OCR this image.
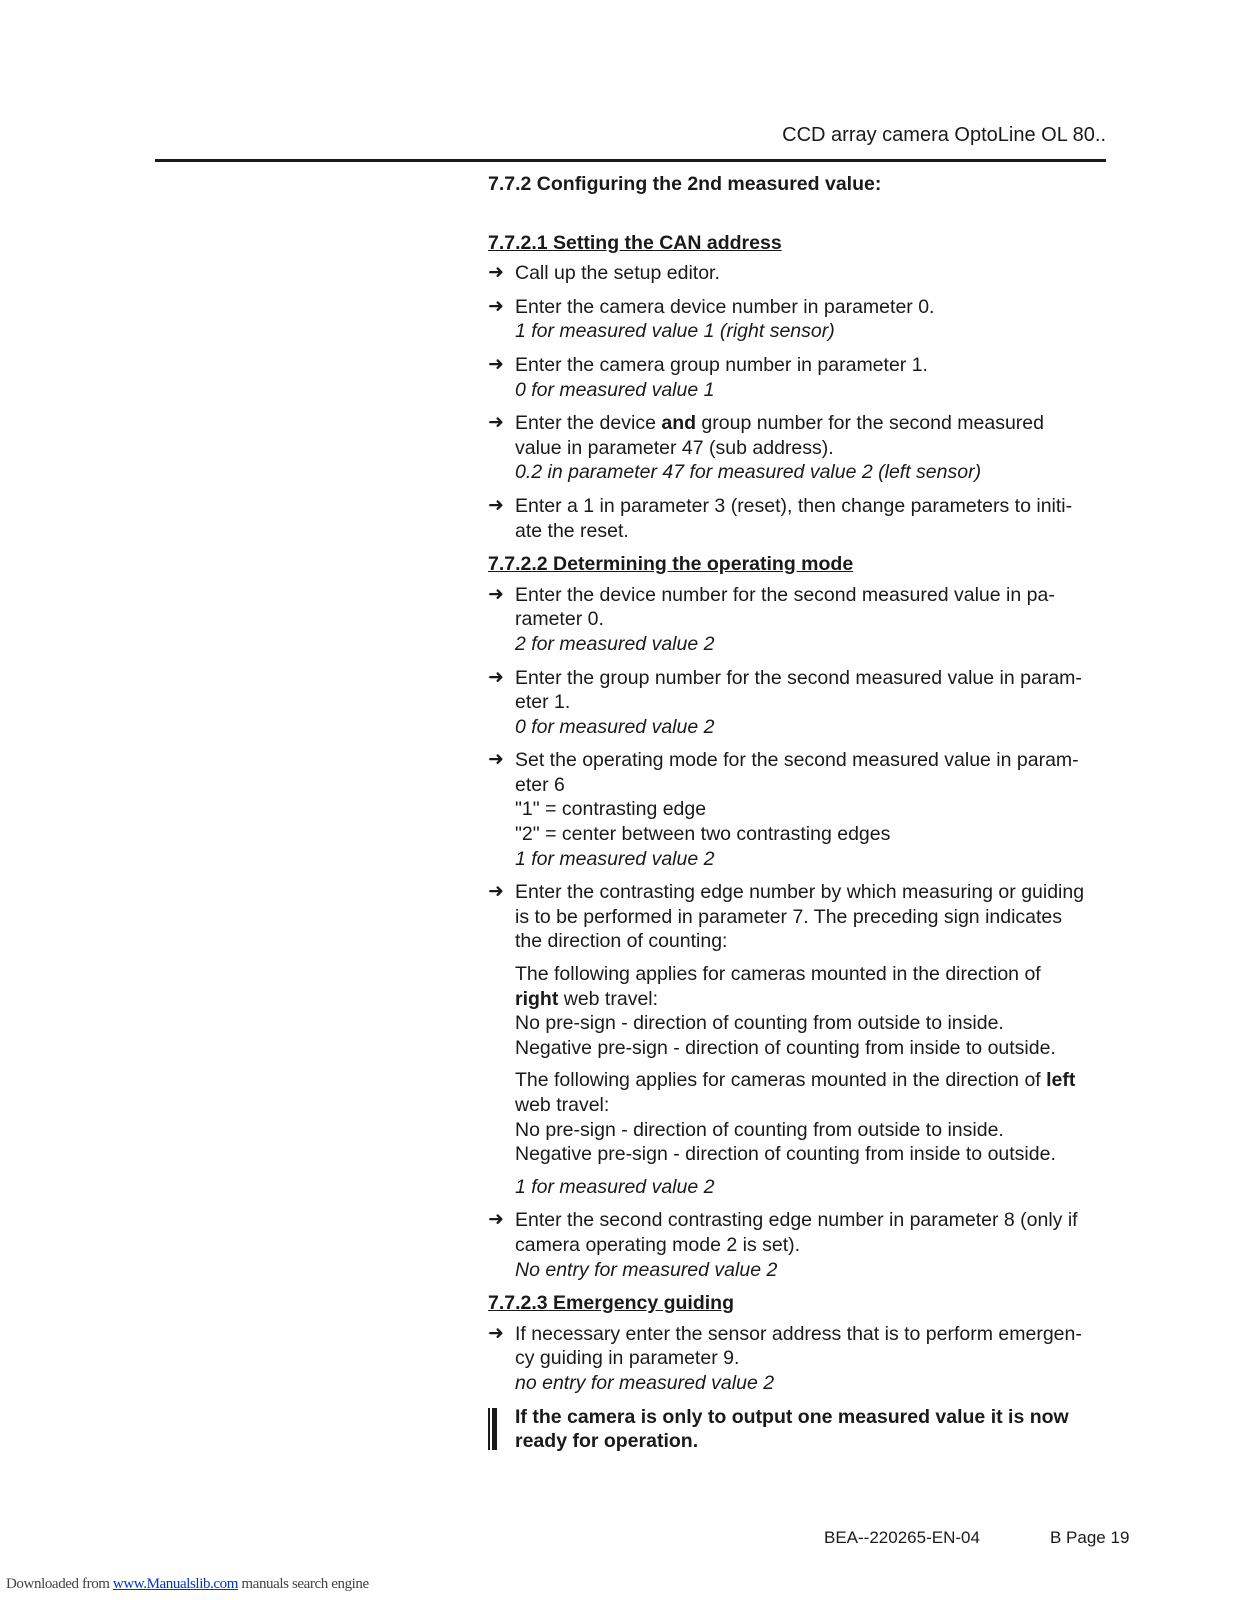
CCD array camera OptoLine OL 80..
7.7.2 Configuring the 2nd measured value:
7.7.2.1 Setting the CAN address
➜ Call up the setup editor.
➜ Enter the camera device number in parameter 0.
1 for measured value 1 (right sensor)
➜ Enter the camera group number in parameter 1.
0 for measured value 1
➜ Enter the device and group number for the second measured
value in parameter 47 (sub address).
0.2 in parameter 47 for measured value 2 (left sensor)
➜ Enter a 1 in parameter 3 (reset), then change parameters to initi-
ate the reset.
7.7.2.2 Determining the operating mode
➜ Enter the device number for the second measured value in pa-
rameter 0.
2 for measured value 2
➜ Enter the group number for the second measured value in param-
eter 1.
0 for measured value 2
➜ Set the operating mode for the second measured value in param-
eter 6
"1" = contrasting edge
"2" = center between two contrasting edges
1 for measured value 2
➜ Enter the contrasting edge number by which measuring or guiding
is to be performed in parameter 7. The preceding sign indicates
the direction of counting:
The following applies for cameras mounted in the direction of
right web travel:
No pre-sign - direction of counting from outside to inside.
Negative pre-sign - direction of counting from inside to outside.
The following applies for cameras mounted in the direction of left
web travel:
No pre-sign - direction of counting from outside to inside.
Negative pre-sign - direction of counting from inside to outside.
1 for measured value 2
➜ Enter the second contrasting edge number in parameter 8 (only if
camera operating mode 2 is set).
No entry for measured value 2
7.7.2.3 Emergency guiding
➜ If necessary enter the sensor address that is to perform emergen-
cy guiding in parameter 9.
no entry for measured value 2
If the camera is only to output one measured value it is now
ready for operation.
BEA--220265-EN-04	B Page 19
Downloaded from www.Manualslib.com manuals search engine
